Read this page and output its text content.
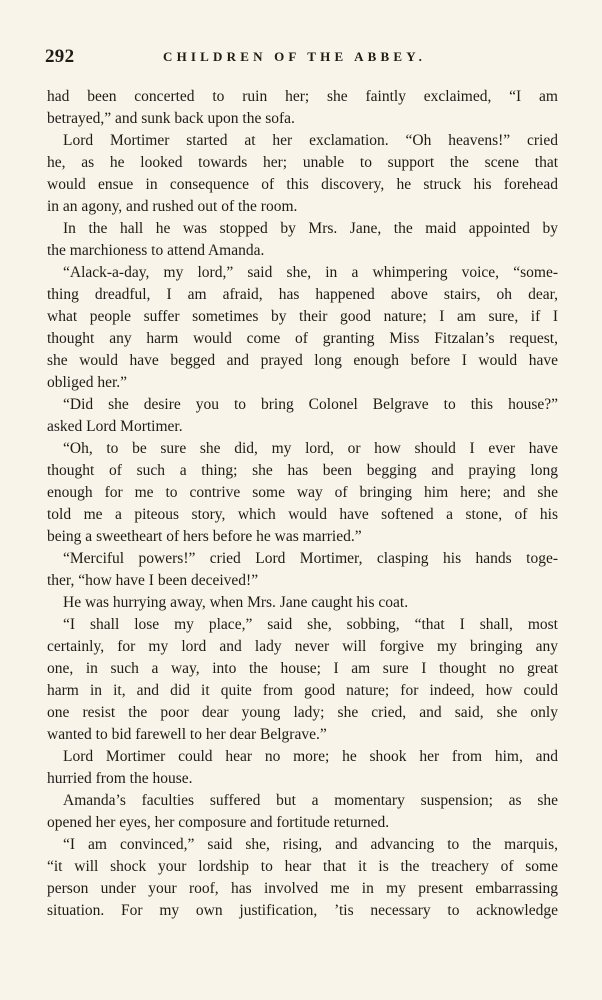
292	CHILDREN OF THE ABBEY.
had been concerted to ruin her; she faintly exclaimed, “I am
betrayed,” and sunk back upon the sofa.
Lord Mortimer started at her exclamation. “Oh heavens!” cried
he, as he looked towards her; unable to support the scene that
would ensue in consequence of this discovery, he struck his forehead
in an agony, and rushed out of the room.
In the hall he was stopped by Mrs. Jane, the maid appointed by
the marchioness to attend Amanda.
“Alack-a-day, my lord,” said she, in a whimpering voice, “some-
thing dreadful, I am afraid, has happened above stairs, oh dear,
what people suffer sometimes by their good nature; I am sure, if I
thought any harm would come of granting Miss Fitzalan’s request,
she would have begged and prayed long enough before I would have
obliged her.”
“Did she desire you to bring Colonel Belgrave to this house?”
asked Lord Mortimer.
“Oh, to be sure she did, my lord, or how should I ever have
thought of such a thing; she has been begging and praying long
enough for me to contrive some way of bringing him here; and she
told me a piteous story, which would have softened a stone, of his
being a sweetheart of hers before he was married.”
“Merciful powers!” cried Lord Mortimer, clasping his hands toge-
ther, “how have I been deceived!”
He was hurrying away, when Mrs. Jane caught his coat.
“I shall lose my place,” said she, sobbing, “that I shall, most
certainly, for my lord and lady never will forgive my bringing any
one, in such a way, into the house; I am sure I thought no great
harm in it, and did it quite from good nature; for indeed, how could
one resist the poor dear young lady; she cried, and said, she only
wanted to bid farewell to her dear Belgrave.”
Lord Mortimer could hear no more; he shook her from him, and
hurried from the house.
Amanda’s faculties suffered but a momentary suspension; as she
opened her eyes, her composure and fortitude returned.
“I am convinced,” said she, rising, and advancing to the marquis,
“it will shock your lordship to hear that it is the treachery of some
person under your roof, has involved me in my present embarrassing
situation. For my own justification, ’tis necessary to acknowledge
